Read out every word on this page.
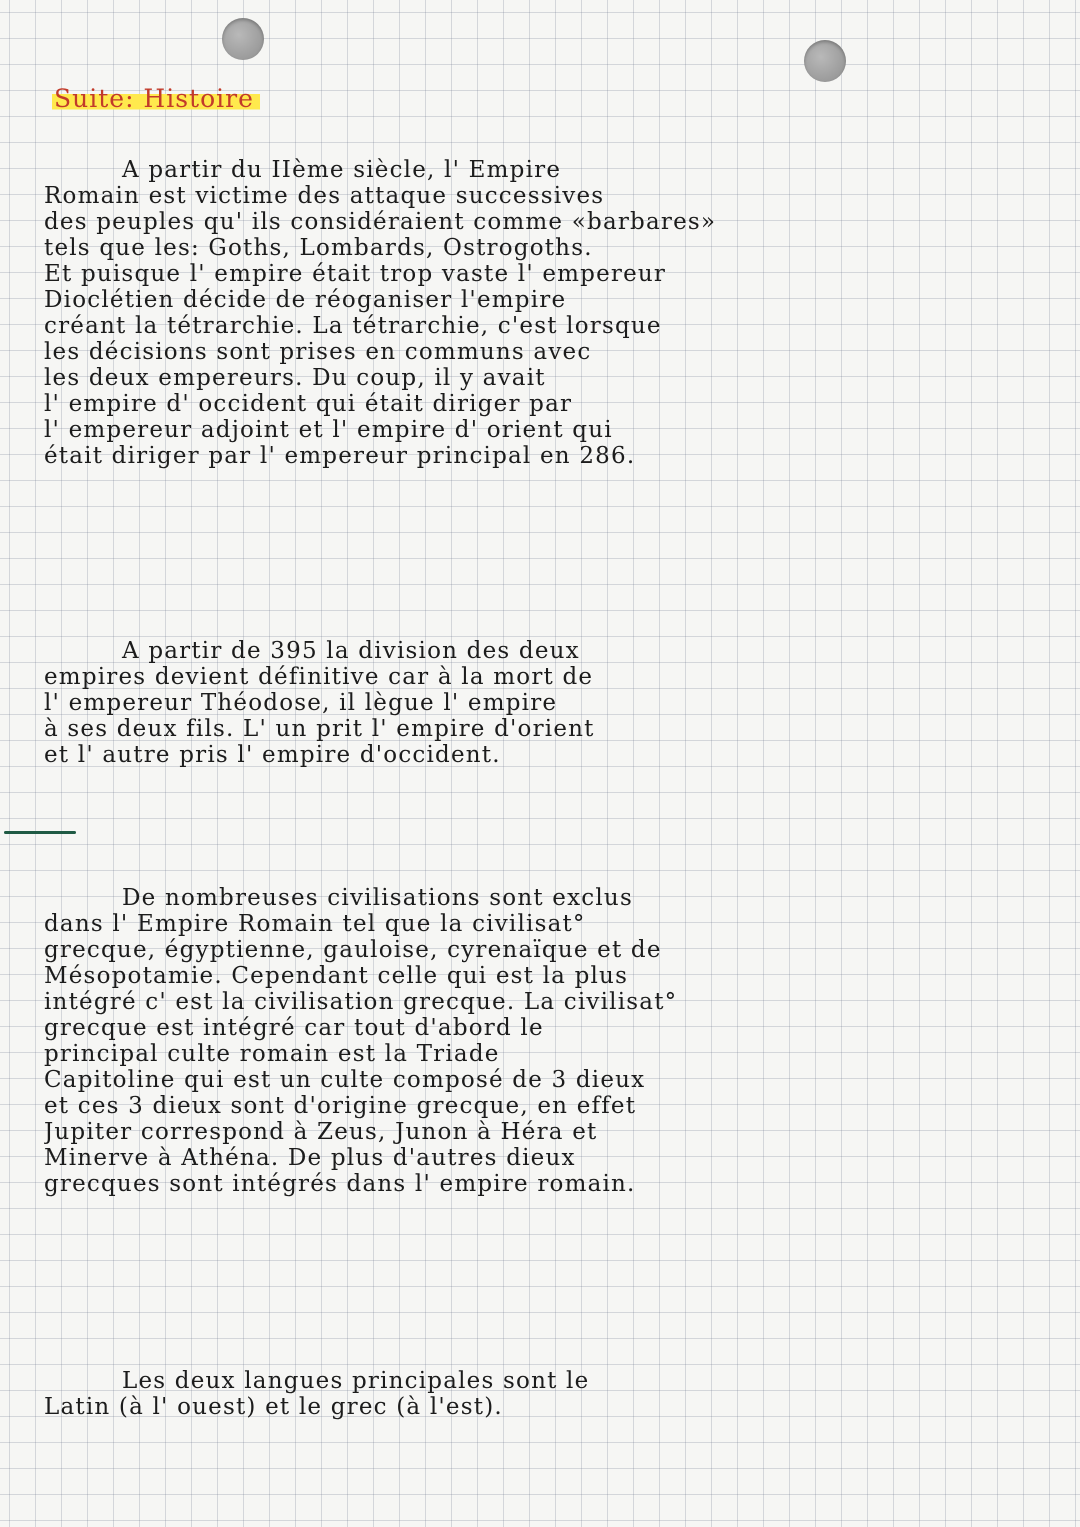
Suite: Histoire
A partir du IIème siècle, l' Empire
Romain est victime des attaque successives
des peuples qu' ils considéraient comme «barbares»
tels que les: Goths, Lombards, Ostrogoths.
Et puisque l' empire était trop vaste l' empereur
Dioclétien décide de réoganiser l'empire
créant la tétrarchie. La tétrarchie, c'est lorsque
les décisions sont prises en communs avec
les deux empereurs. Du coup, il y avait
l' empire d' occident qui était diriger par
l' empereur adjoint et l' empire d' orient qui
était diriger par l' empereur principal en 286.
A partir de 395 la division des deux
empires devient définitive car à la mort de
l' empereur Théodose, il lègue l' empire
à ses deux fils. L' un prit l' empire d'orient
et l' autre pris l' empire d'occident.
De nombreuses civilisations sont exclus
dans l' Empire Romain tel que la civilisat°
grecque, égyptienne, gauloise, cyrenaïque et de
Mésopotamie. Cependant celle qui est la plus
intégré c' est la civilisation grecque. La civilisat°
grecque est intégré car tout d'abord le
principal culte romain est la Triade
Capitoline qui est un culte composé de 3 dieux
et ces 3 dieux sont d'origine grecque, en effet
Jupiter correspond à Zeus, Junon à Héra et
Minerve à Athéna. De plus d'autres dieux
grecques sont intégrés dans l' empire romain.
Les deux langues principales sont le
Latin (à l' ouest) et le grec (à l'est).
